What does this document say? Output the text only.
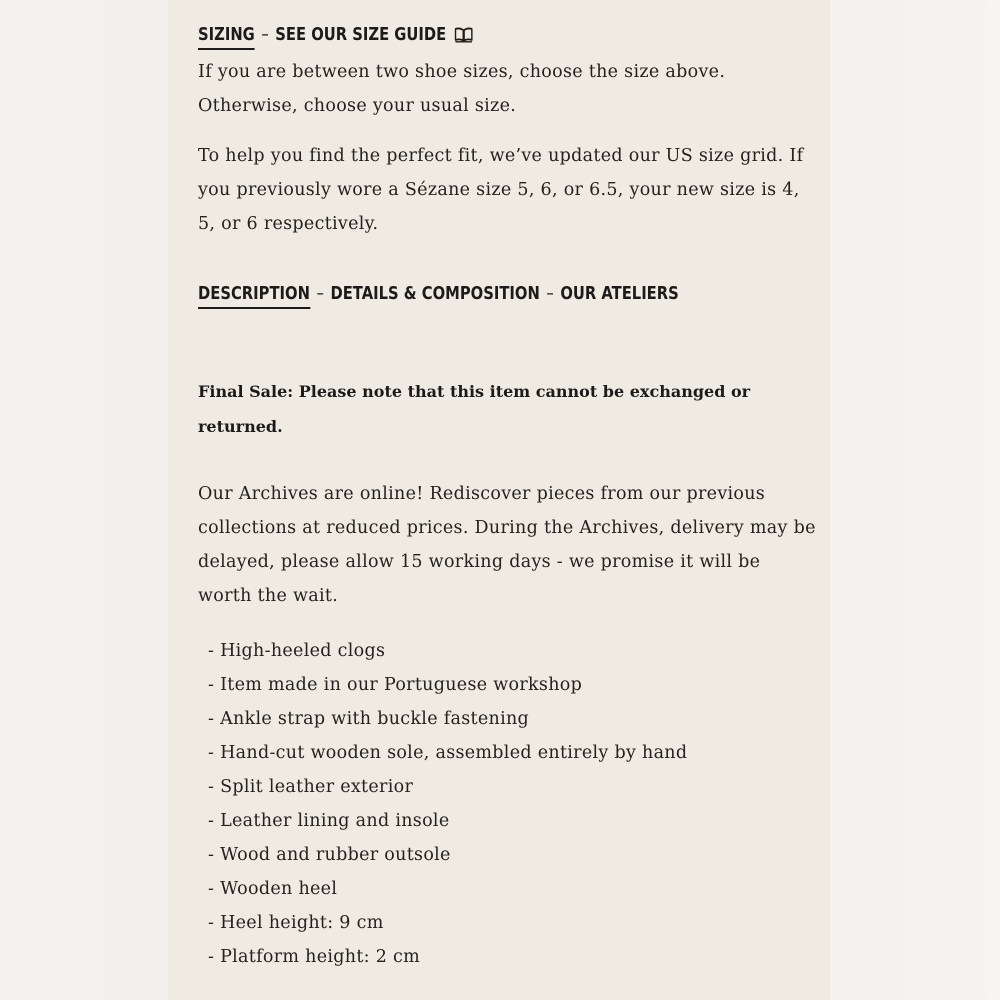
SIZING – SEE OUR SIZE GUIDE

If you are between two shoe sizes, choose the size above. Otherwise, choose your usual size.

To help you find the perfect fit, we’ve updated our US size grid. If you previously wore a Sézane size 5, 6, or 6.5, your new size is 4, 5, or 6 respectively.

DESCRIPTION – DETAILS & COMPOSITION – OUR ATELIERS

Final Sale: Please note that this item cannot be exchanged or returned.

Our Archives are online! Rediscover pieces from our previous collections at reduced prices. During the Archives, delivery may be delayed, please allow 15 working days - we promise it will be worth the wait.

- High-heeled clogs
- Item made in our Portuguese workshop
- Ankle strap with buckle fastening
- Hand-cut wooden sole, assembled entirely by hand
- Split leather exterior
- Leather lining and insole
- Wood and rubber outsole
- Wooden heel
- Heel height: 9 cm
- Platform height: 2 cm
